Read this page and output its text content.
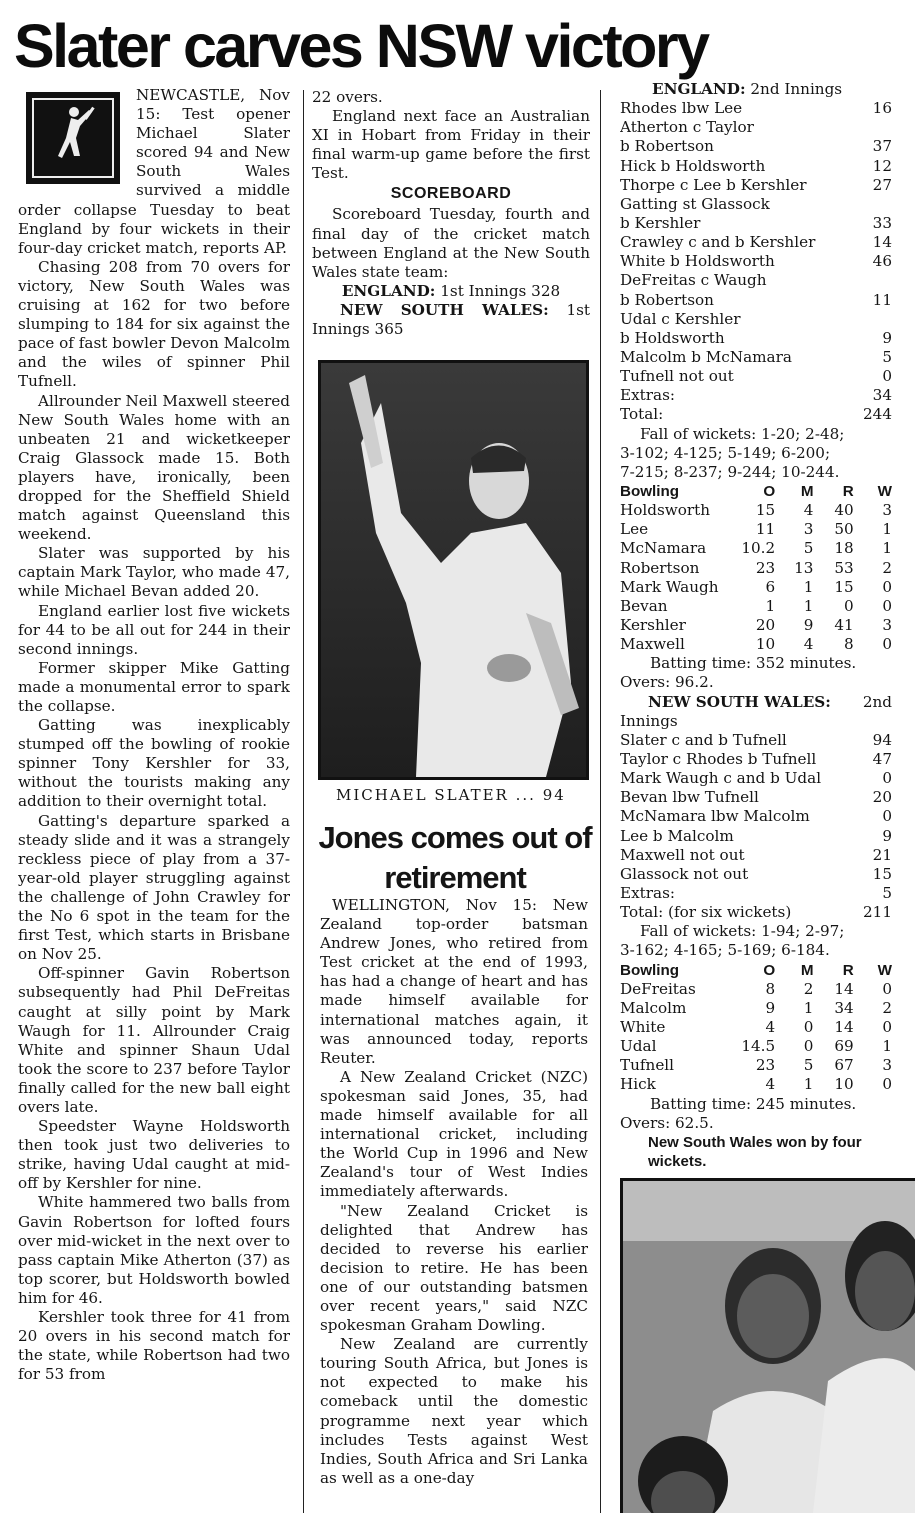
Slater carves NSW victory

NEWCASTLE, Nov 15: Test opener Michael Slater scored 94 and New South Wales survived a middle order collapse Tuesday to beat England by four wickets in their four-day cricket match, reports AP.

Chasing 208 from 70 overs for victory, New South Wales was cruising at 162 for two before slumping to 184 for six against the pace of fast bowler Devon Malcolm and the wiles of spinner Phil Tufnell.

Allrounder Neil Maxwell steered New South Wales home with an unbeaten 21 and wicketkeeper Craig Glassock made 15. Both players have, ironically, been dropped for the Sheffield Shield match against Queensland this weekend.

Slater was supported by his captain Mark Taylor, who made 47, while Michael Bevan added 20.

England earlier lost five wickets for 44 to be all out for 244 in their second innings.

Former skipper Mike Gatting made a monumental error to spark the collapse.

Gatting was inexplicably stumped off the bowling of rookie spinner Tony Kershler for 33, without the tourists making any addition to their overnight total.

Gatting's departure sparked a steady slide and it was a strangely reckless piece of play from a 37-year-old player struggling against the challenge of John Crawley for the No 6 spot in the team for the first Test, which starts in Brisbane on Nov 25.

Off-spinner Gavin Robertson subsequently had Phil DeFreitas caught at silly point by Mark Waugh for 11. Allrounder Craig White and spinner Shaun Udal took the score to 237 before Taylor finally called for the new ball eight overs late.

Speedster Wayne Holdsworth then took just two deliveries to strike, having Udal caught at mid-off by Kershler for nine.

White hammered two balls from Gavin Robertson for lofted fours over mid-wicket in the next over to pass captain Mike Atherton (37) as top scorer, but Holdsworth bowled him for 46.

Kershler took three for 41 from 20 overs in his second match for the state, while Robertson had two for 53 from

22 overs.

England next face an Australian XI in Hobart from Friday in their final warm-up game before the first Test.

SCOREBOARD

Scoreboard Tuesday, fourth and final day of the cricket match between England at the New South Wales state team:

ENGLAND: 1st Innings 328

NEW SOUTH WALES: 1st Innings 365

MICHAEL SLATER ... 94
Jones comes out of retirement

WELLINGTON, Nov 15: New Zealand top-order batsman Andrew Jones, who retired from Test cricket at the end of 1993, has had a change of heart and has made himself available for international matches again, it was announced today, reports Reuter.

A New Zealand Cricket (NZC) spokesman said Jones, 35, had made himself available for all international cricket, including the World Cup in 1996 and New Zealand's tour of West Indies immediately afterwards.

"New Zealand Cricket is delighted that Andrew has decided to reverse his earlier decision to retire. He has been one of our outstanding batsmen over recent years," said NZC spokesman Graham Dowling.

New Zealand are currently touring South Africa, but Jones is not expected to make his comeback until the domestic programme next year which includes Tests against West Indies, South Africa and Sri Lanka as well as a one-day

ENGLAND: 2nd Innings
Rhodes lbw Lee	16
Atherton c Taylor
b Robertson	37
Hick b Holdsworth	12
Thorpe c Lee b Kershler	27
Gatting st Glassock
b Kershler	33
Crawley c and b Kershler	14
White b Holdsworth	46
DeFreitas c Waugh
b Robertson	11
Udal c Kershler
b Holdsworth	9
Malcolm b McNamara	5
Tufnell not out	0
Extras:	34
Total:	244
Fall of wickets: 1-20; 2-48;
3-102; 4-125; 5-149; 6-200;
7-215; 8-237; 9-244; 10-244.
Bowling	O	M	R	W
Holdsworth	15	4	40	3
Lee	11	3	50	1
McNamara	10.2	5	18	1
Robertson	23	13	53	2
Mark Waugh	6	1	15	0
Bevan	1	1	0	0
Kershler	20	9	41	3
Maxwell	10	4	8	0
Batting time: 352 minutes.
Overs: 96.2.
NEW SOUTH WALES:	2nd
Innings
Slater c and b Tufnell	94
Taylor c Rhodes b Tufnell	47
Mark Waugh c and b Udal	0
Bevan lbw Tufnell	20
McNamara lbw Malcolm	0
Lee b Malcolm	9
Maxwell not out	21
Glassock not out	15
Extras:	5
Total: (for six wickets)	211
Fall of wickets: 1-94; 2-97;
3-162; 4-165; 5-169; 6-184.
Bowling	O	M	R	W
DeFreitas	8	2	14	0
Malcolm	9	1	34	2
White	4	0	14	0
Udal	14.5	0	69	1
Tufnell	23	5	67	3
Hick	4	1	10	0
Batting time: 245 minutes.
Overs: 62.5.
New South Wales won by four wickets.
